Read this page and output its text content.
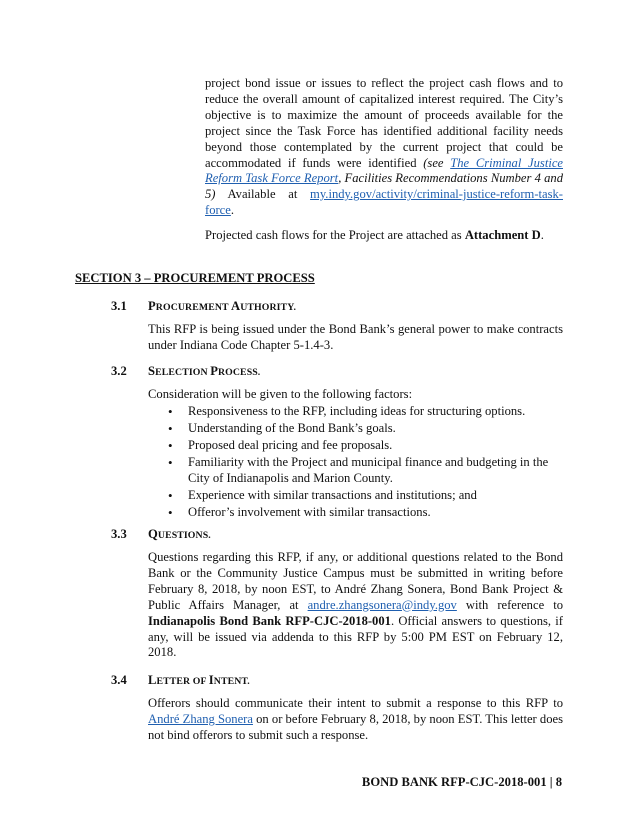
project bond issue or issues to reflect the project cash flows and to reduce the overall amount of capitalized interest required. The City’s objective is to maximize the amount of proceeds available for the project since the Task Force has identified additional facility needs beyond those contemplated by the current project that could be accommodated if funds were identified (see The Criminal Justice Reform Task Force Report, Facilities Recommendations Number 4 and 5) Available at my.indy.gov/activity/criminal-justice-reform-task-force.
Projected cash flows for the Project are attached as Attachment D.
SECTION 3 – PROCUREMENT PROCESS
3.1 PROCUREMENT AUTHORITY.
This RFP is being issued under the Bond Bank’s general power to make contracts under Indiana Code Chapter 5-1.4-3.
3.2 SELECTION PROCESS.
Consideration will be given to the following factors:
• Responsiveness to the RFP, including ideas for structuring options.
• Understanding of the Bond Bank’s goals.
• Proposed deal pricing and fee proposals.
• Familiarity with the Project and municipal finance and budgeting in the City of Indianapolis and Marion County.
• Experience with similar transactions and institutions; and
• Offeror’s involvement with similar transactions.
3.3 QUESTIONS.
Questions regarding this RFP, if any, or additional questions related to the Bond Bank or the Community Justice Campus must be submitted in writing before February 8, 2018, by noon EST, to André Zhang Sonera, Bond Bank Project & Public Affairs Manager, at andre.zhangsonera@indy.gov with reference to Indianapolis Bond Bank RFP-CJC-2018-001. Official answers to questions, if any, will be issued via addenda to this RFP by 5:00 PM EST on February 12, 2018.
3.4 LETTER OF INTENT.
Offerors should communicate their intent to submit a response to this RFP to André Zhang Sonera on or before February 8, 2018, by noon EST. This letter does not bind offerors to submit such a response.
BOND BANK RFP-CJC-2018-001 | 8
